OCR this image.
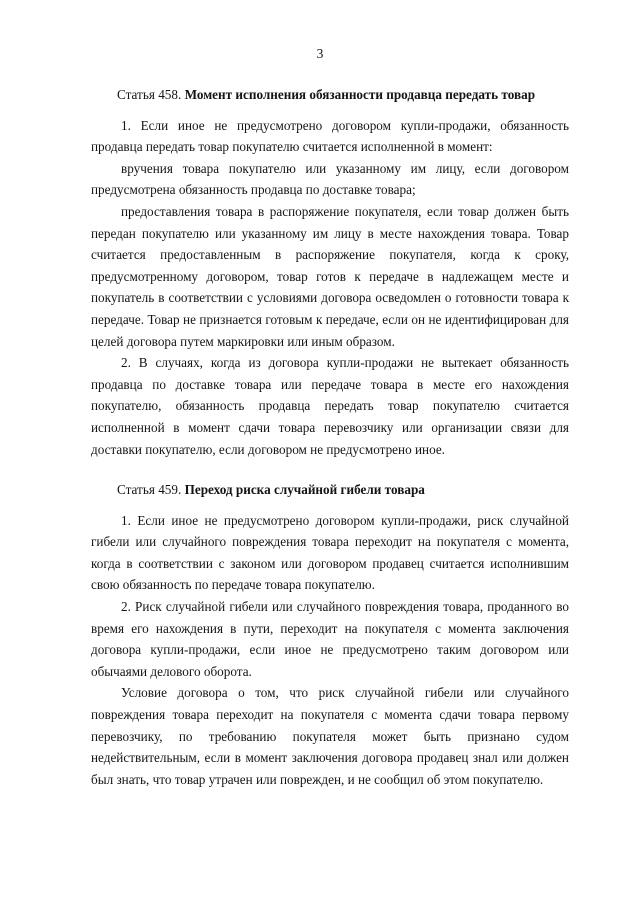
3
Статья 458. Момент исполнения обязанности продавца передать товар

1. Если иное не предусмотрено договором купли-продажи, обязанность продавца передать товар покупателю считается исполненной в момент:

вручения товара покупателю или указанному им лицу, если договором предусмотрена обязанность продавца по доставке товара;

предоставления товара в распоряжение покупателя, если товар должен быть передан покупателю или указанному им лицу в месте нахождения товара. Товар считается предоставленным в распоряжение покупателя, когда к сроку, предусмотренному договором, товар готов к передаче в надлежащем месте и покупатель в соответствии с условиями договора осведомлен о готовности товара к передаче. Товар не признается готовым к передаче, если он не идентифицирован для целей договора путем маркировки или иным образом.

2. В случаях, когда из договора купли-продажи не вытекает обязанность продавца по доставке товара или передаче товара в месте его нахождения покупателю, обязанность продавца передать товар покупателю считается исполненной в момент сдачи товара перевозчику или организации связи для доставки покупателю, если договором не предусмотрено иное.

Статья 459. Переход риска случайной гибели товара

1. Если иное не предусмотрено договором купли-продажи, риск случайной гибели или случайного повреждения товара переходит на покупателя с момента, когда в соответствии с законом или договором продавец считается исполнившим свою обязанность по передаче товара покупателю.

2. Риск случайной гибели или случайного повреждения товара, проданного во время его нахождения в пути, переходит на покупателя с момента заключения договора купли-продажи, если иное не предусмотрено таким договором или обычаями делового оборота.

Условие договора о том, что риск случайной гибели или случайного повреждения товара переходит на покупателя с момента сдачи товара первому перевозчику, по требованию покупателя может быть признано судом недействительным, если в момент заключения договора продавец знал или должен был знать, что товар утрачен или поврежден, и не сообщил об этом покупателю.
